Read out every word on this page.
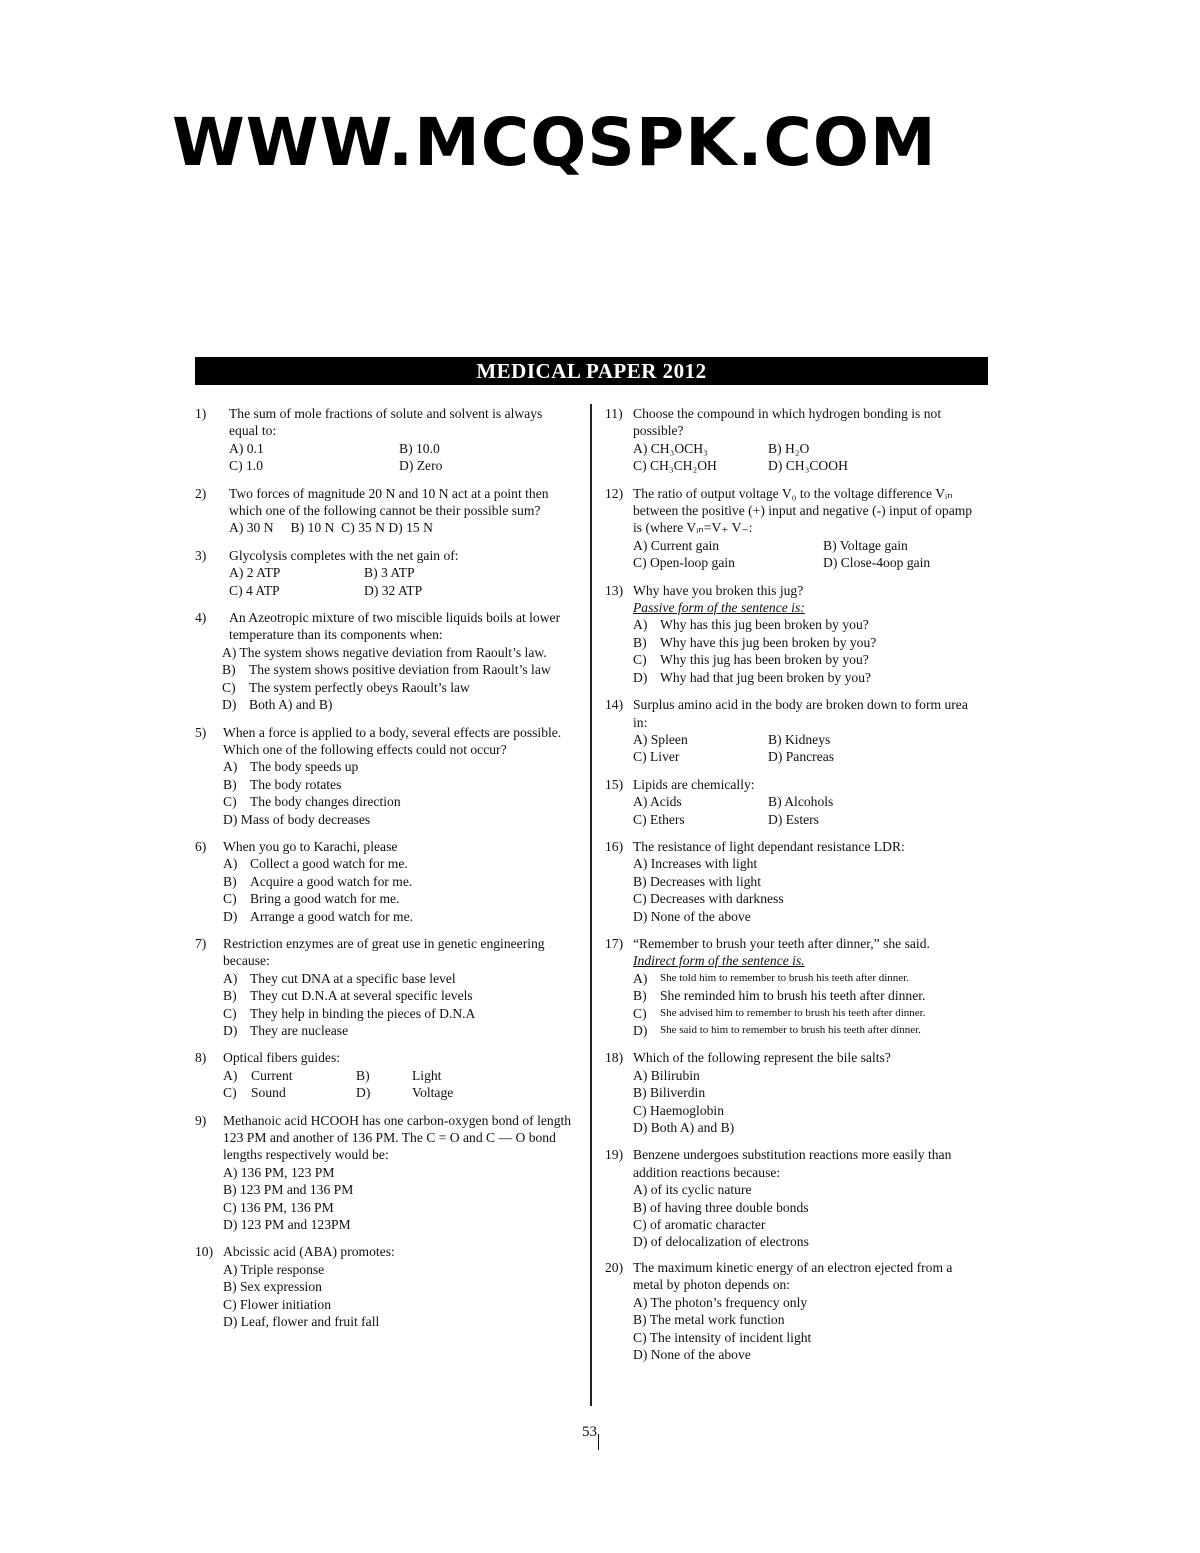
WWW.MCQSPK.COM
MEDICAL PAPER 2012
1) The sum of mole fractions of solute and solvent is always equal to:
A) 0.1	B) 10.0
C) 1.0	D) Zero
2) Two forces of magnitude 20 N and 10 N act at a point then which one of the following cannot be their possible sum?
A) 30 N     B) 10 N  C) 35 N D) 15 N
3) Glycolysis completes with the net gain of:
A) 2 ATP	B) 3 ATP
C) 4 ATP	D) 32 ATP
4) An Azeotropic mixture of two miscible liquids boils at lower temperature than its components when:
A) The system shows negative deviation from Raoult’s law.
B) The system shows positive deviation from Raoult’s law
C) The system perfectly obeys Raoult’s law
D) Both A) and B)
5) When a force is applied to a body, several effects are possible. Which one of the following effects could not occur?
A) The body speeds up
B) The body rotates
C) The body changes direction
D) Mass of body decreases
6) When you go to Karachi, please
A) Collect a good watch for me.
B) Acquire a good watch for me.
C) Bring a good watch for me.
D) Arrange a good watch for me.
7) Restriction enzymes are of great use in genetic engineering because:
A) They cut DNA at a specific base level
B) They cut D.N.A at several specific levels
C) They help in binding the pieces of D.N.A
D) They are nuclease
8) Optical fibers guides:
A)	Current	B)	Light
C)	Sound	D)	Voltage
9) Methanoic acid HCOOH has one carbon-oxygen bond of length 123 PM and another of 136 PM. The C = O and C — O bond lengths respectively would be:
A) 136 PM, 123 PM
B) 123 PM and 136 PM
C) 136 PM, 136 PM
D) 123 PM and 123PM
10) Abcissic acid (ABA) promotes:
A) Triple response
B) Sex expression
C) Flower initiation
D) Leaf, flower and fruit fall
11) Choose the compound in which hydrogen bonding is not possible?
A) CH₃OCH₃	B) H₂O
C) CH₃CH₂OH	D) CH₃COOH
12) The ratio of output voltage V₀ to the voltage difference Vᵢₙ between the positive (+) input and negative (-) input of opamp is (where Vᵢₙ=V₊ V₋:
A) Current gain	B) Voltage gain
C) Open-loop gain	D) Close-4oop gain
13) Why have you broken this jug?
Passive form of the sentence is:
A) Why has this jug been broken by you?
B) Why have this jug been broken by you?
C) Why this jug has been broken by you?
D) Why had that jug been broken by you?
14) Surplus amino acid in the body are broken down to form urea in:
A) Spleen	B) Kidneys
C) Liver	D) Pancreas
15) Lipids are chemically:
A) Acids	B) Alcohols
C) Ethers	D) Esters
16) The resistance of light dependant resistance LDR:
A) Increases with light
B) Decreases with light
C) Decreases with darkness
D) None of the above
17) “Remember to brush your teeth after dinner,” she said.
Indirect form of the sentence is.
A) She told him to remember to brush his teeth after dinner.
B) She reminded him to brush his teeth after dinner.
C) She advised him to remember to brush his teeth after dinner.
D) She said to him to remember to brush his teeth after dinner.
18) Which of the following represent the bile salts?
A) Bilirubin
B) Biliverdin
C) Haemoglobin
D) Both A) and B)
19) Benzene undergoes substitution reactions more easily than addition reactions because:
A) of its cyclic nature
B) of having three double bonds
C) of aromatic character
D) of delocalization of electrons
20) The maximum kinetic energy of an electron ejected from a metal by photon depends on:
A) The photon’s frequency only
B) The metal work function
C) The intensity of incident light
D) None of the above
53
